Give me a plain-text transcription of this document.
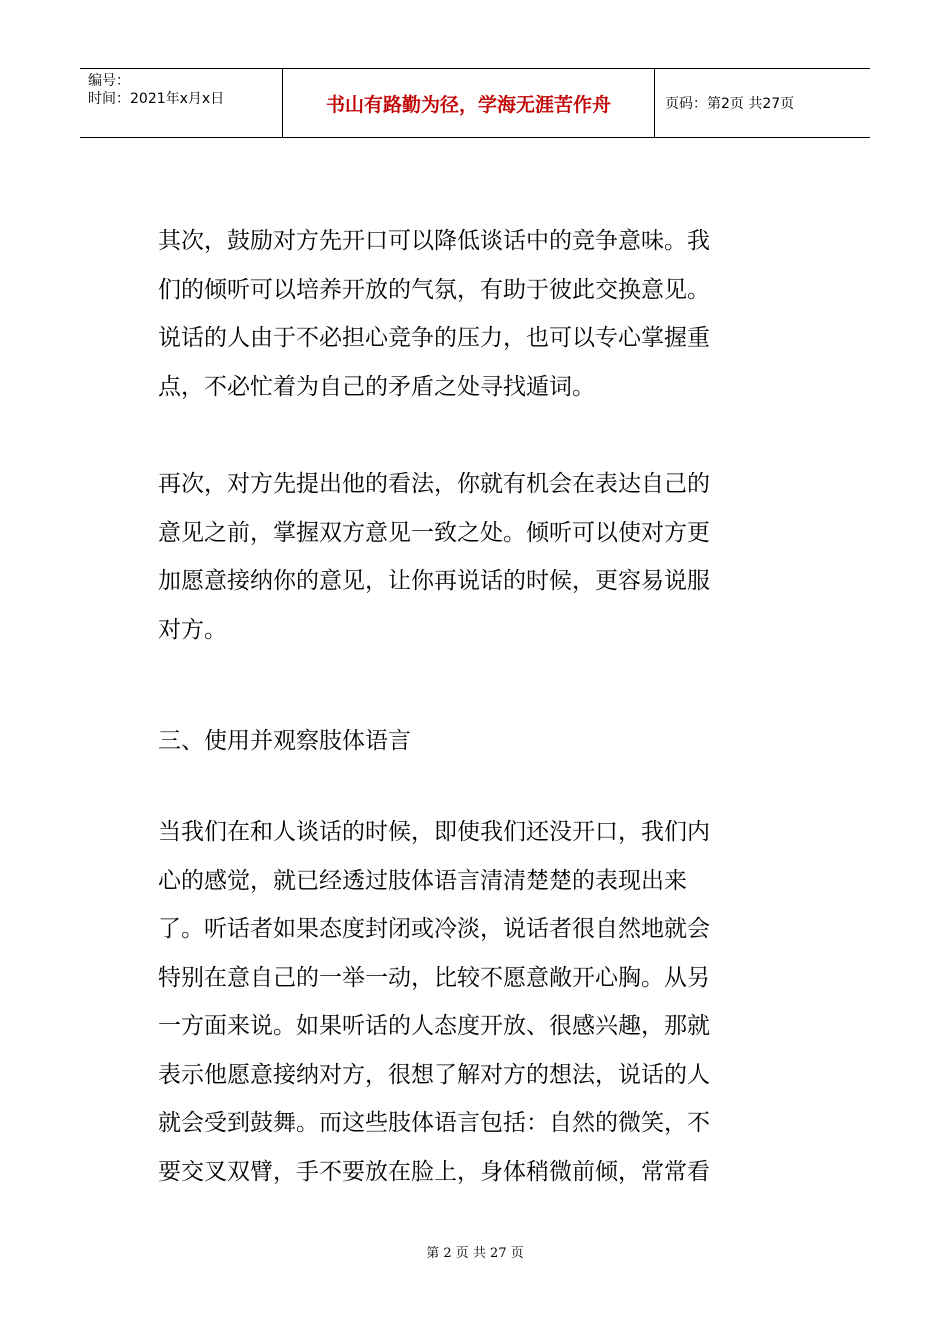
编号：
时间：2021年x月x日	书山有路勤为径，学海无涯苦作舟	页码：第2页 共27页
其次，鼓励对方先开口可以降低谈话中的竞争意味。我
们的倾听可以培养开放的气氛，有助于彼此交换意见。
说话的人由于不必担心竞争的压力，也可以专心掌握重
点，不必忙着为自己的矛盾之处寻找遁词。
再次，对方先提出他的看法，你就有机会在表达自己的
意见之前，掌握双方意见一致之处。倾听可以使对方更
加愿意接纳你的意见，让你再说话的时候，更容易说服
对方。
三、使用并观察肢体语言
当我们在和人谈话的时候，即使我们还没开口，我们内
心的感觉，就已经透过肢体语言清清楚楚的表现出来
了。听话者如果态度封闭或冷淡，说话者很自然地就会
特别在意自己的一举一动，比较不愿意敞开心胸。从另
一方面来说。如果听话的人态度开放、很感兴趣，那就
表示他愿意接纳对方，很想了解对方的想法，说话的人
就会受到鼓舞。而这些肢体语言包括：自然的微笑，不
要交叉双臂，手不要放在脸上，身体稍微前倾，常常看
第 2 页 共 27 页
